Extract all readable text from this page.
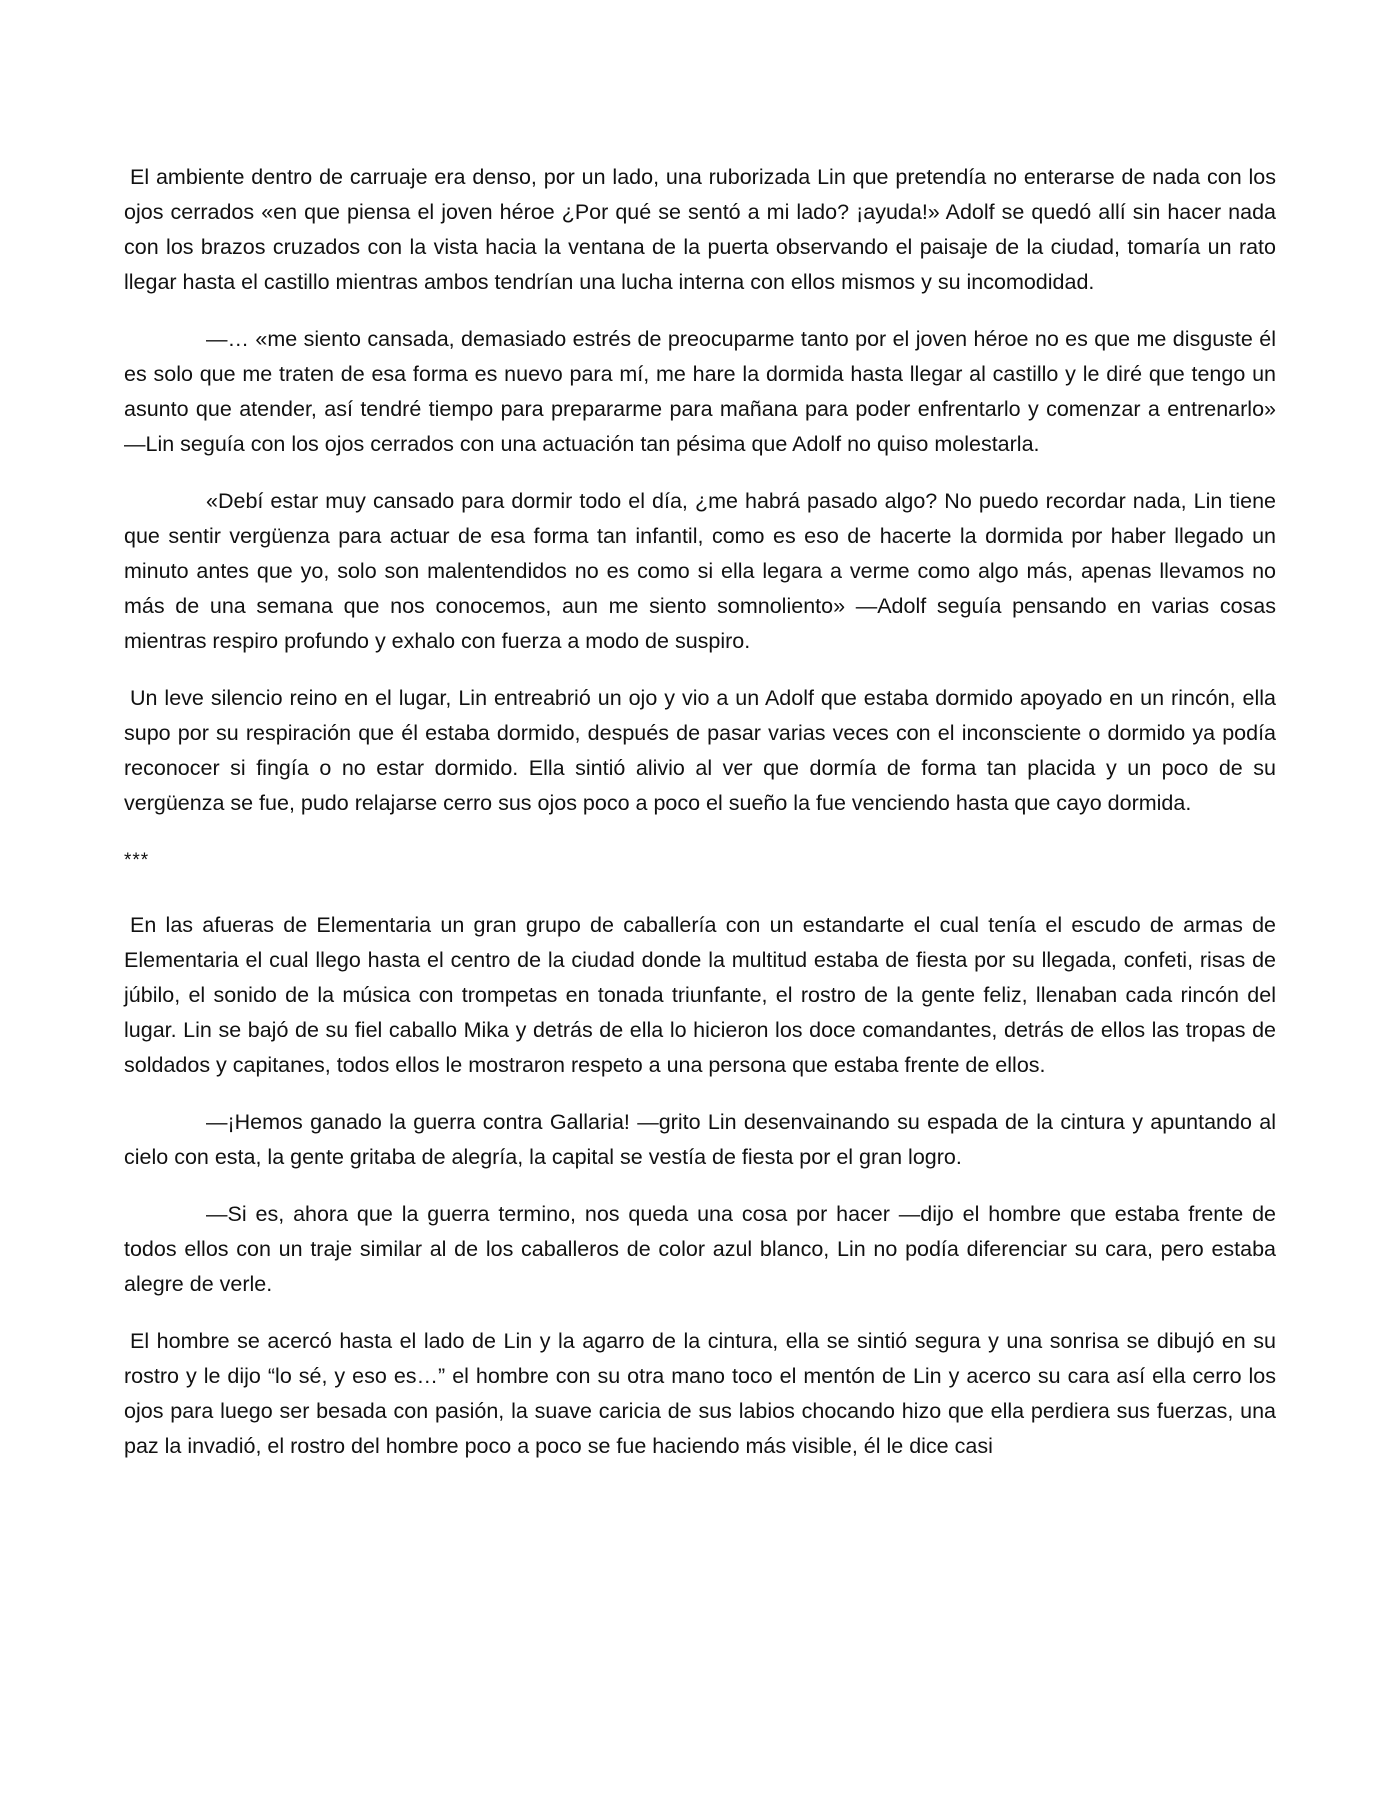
El ambiente dentro de carruaje era denso, por un lado, una ruborizada Lin que pretendía no enterarse de nada con los ojos cerrados «en que piensa el joven héroe ¿Por qué se sentó a mi lado? ¡ayuda!» Adolf se quedó allí sin hacer nada con los brazos cruzados con la vista hacia la ventana de la puerta observando el paisaje de la ciudad, tomaría un rato llegar hasta el castillo mientras ambos tendrían una lucha interna con ellos mismos y su incomodidad.

—… «me siento cansada, demasiado estrés de preocuparme tanto por el joven héroe no es que me disguste él es solo que me traten de esa forma es nuevo para mí, me hare la dormida hasta llegar al castillo y le diré que tengo un asunto que atender, así tendré tiempo para prepararme para mañana para poder enfrentarlo y comenzar a entrenarlo» —Lin seguía con los ojos cerrados con una actuación tan pésima que Adolf no quiso molestarla.

«Debí estar muy cansado para dormir todo el día, ¿me habrá pasado algo? No puedo recordar nada, Lin tiene que sentir vergüenza para actuar de esa forma tan infantil, como es eso de hacerte la dormida por haber llegado un minuto antes que yo, solo son malentendidos no es como si ella legara a verme como algo más, apenas llevamos no más de una semana que nos conocemos, aun me siento somnoliento» —Adolf seguía pensando en varias cosas mientras respiro profundo y exhalo con fuerza a modo de suspiro.

Un leve silencio reino en el lugar, Lin entreabrió un ojo y vio a un Adolf que estaba dormido apoyado en un rincón, ella supo por su respiración que él estaba dormido, después de pasar varias veces con el inconsciente o dormido ya podía reconocer si fingía o no estar dormido. Ella sintió alivio al ver que dormía de forma tan placida y un poco de su vergüenza se fue, pudo relajarse cerro sus ojos poco a poco el sueño la fue venciendo hasta que cayo dormida.

***

En las afueras de Elementaria un gran grupo de caballería con un estandarte el cual tenía el escudo de armas de Elementaria el cual llego hasta el centro de la ciudad donde la multitud estaba de fiesta por su llegada, confeti, risas de júbilo, el sonido de la música con trompetas en tonada triunfante, el rostro de la gente feliz, llenaban cada rincón del lugar. Lin se bajó de su fiel caballo Mika y detrás de ella lo hicieron los doce comandantes, detrás de ellos las tropas de soldados y capitanes, todos ellos le mostraron respeto a una persona que estaba frente de ellos.

—¡Hemos ganado la guerra contra Gallaria! —grito Lin desenvainando su espada de la cintura y apuntando al cielo con esta, la gente gritaba de alegría, la capital se vestía de fiesta por el gran logro.

—Si es, ahora que la guerra termino, nos queda una cosa por hacer —dijo el hombre que estaba frente de todos ellos con un traje similar al de los caballeros de color azul blanco, Lin no podía diferenciar su cara, pero estaba alegre de verle.

El hombre se acercó hasta el lado de Lin y la agarro de la cintura, ella se sintió segura y una sonrisa se dibujó en su rostro y le dijo “lo sé, y eso es…” el hombre con su otra mano toco el mentón de Lin y acerco su cara así ella cerro los ojos para luego ser besada con pasión, la suave caricia de sus labios chocando hizo que ella perdiera sus fuerzas, una paz la invadió, el rostro del hombre poco a poco se fue haciendo más visible, él le dice casi
